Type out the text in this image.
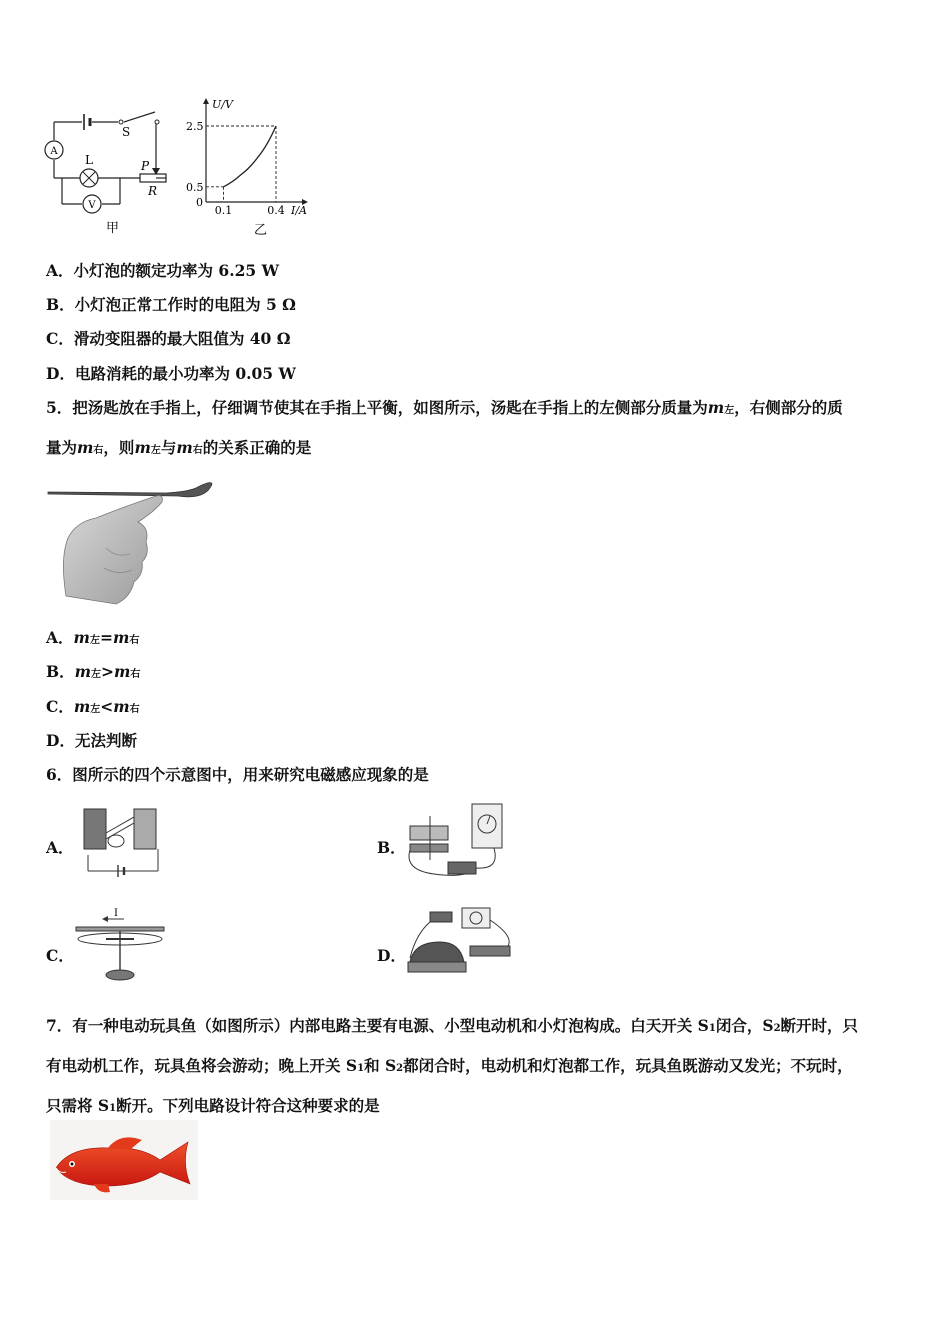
A
V
S
L	P
R
甲
U/V
I/A
0
2.5
0.5
0.1	0.4
乙
A．小灯泡的额定功率为 6.25 W
B．小灯泡正常工作时的电阻为 5 Ω
C．滑动变阻器的最大阻值为 40 Ω
D．电路消耗的最小功率为 0.05 W
5．把汤匙放在手指上，仔细调节使其在手指上平衡，如图所示，汤匙在手指上的左侧部分质量为m左，右侧部分的质
量为m右，则m左与m右的关系正确的是
A．m左=m右
B．m左>m右
C．m左<m右
D．无法判断
6．图所示的四个示意图中，用来研究电磁感应现象的是
A．	B．
C．
I
D．
7．有一种电动玩具鱼（如图所示）内部电路主要有电源、小型电动机和小灯泡构成。白天开关 S1闭合，S2断开时，只
有电动机工作，玩具鱼将会游动；晚上开关 S1和 S2都闭合时，电动机和灯泡都工作，玩具鱼既游动又发光；不玩时，
只需将 S1断开。下列电路设计符合这种要求的是
